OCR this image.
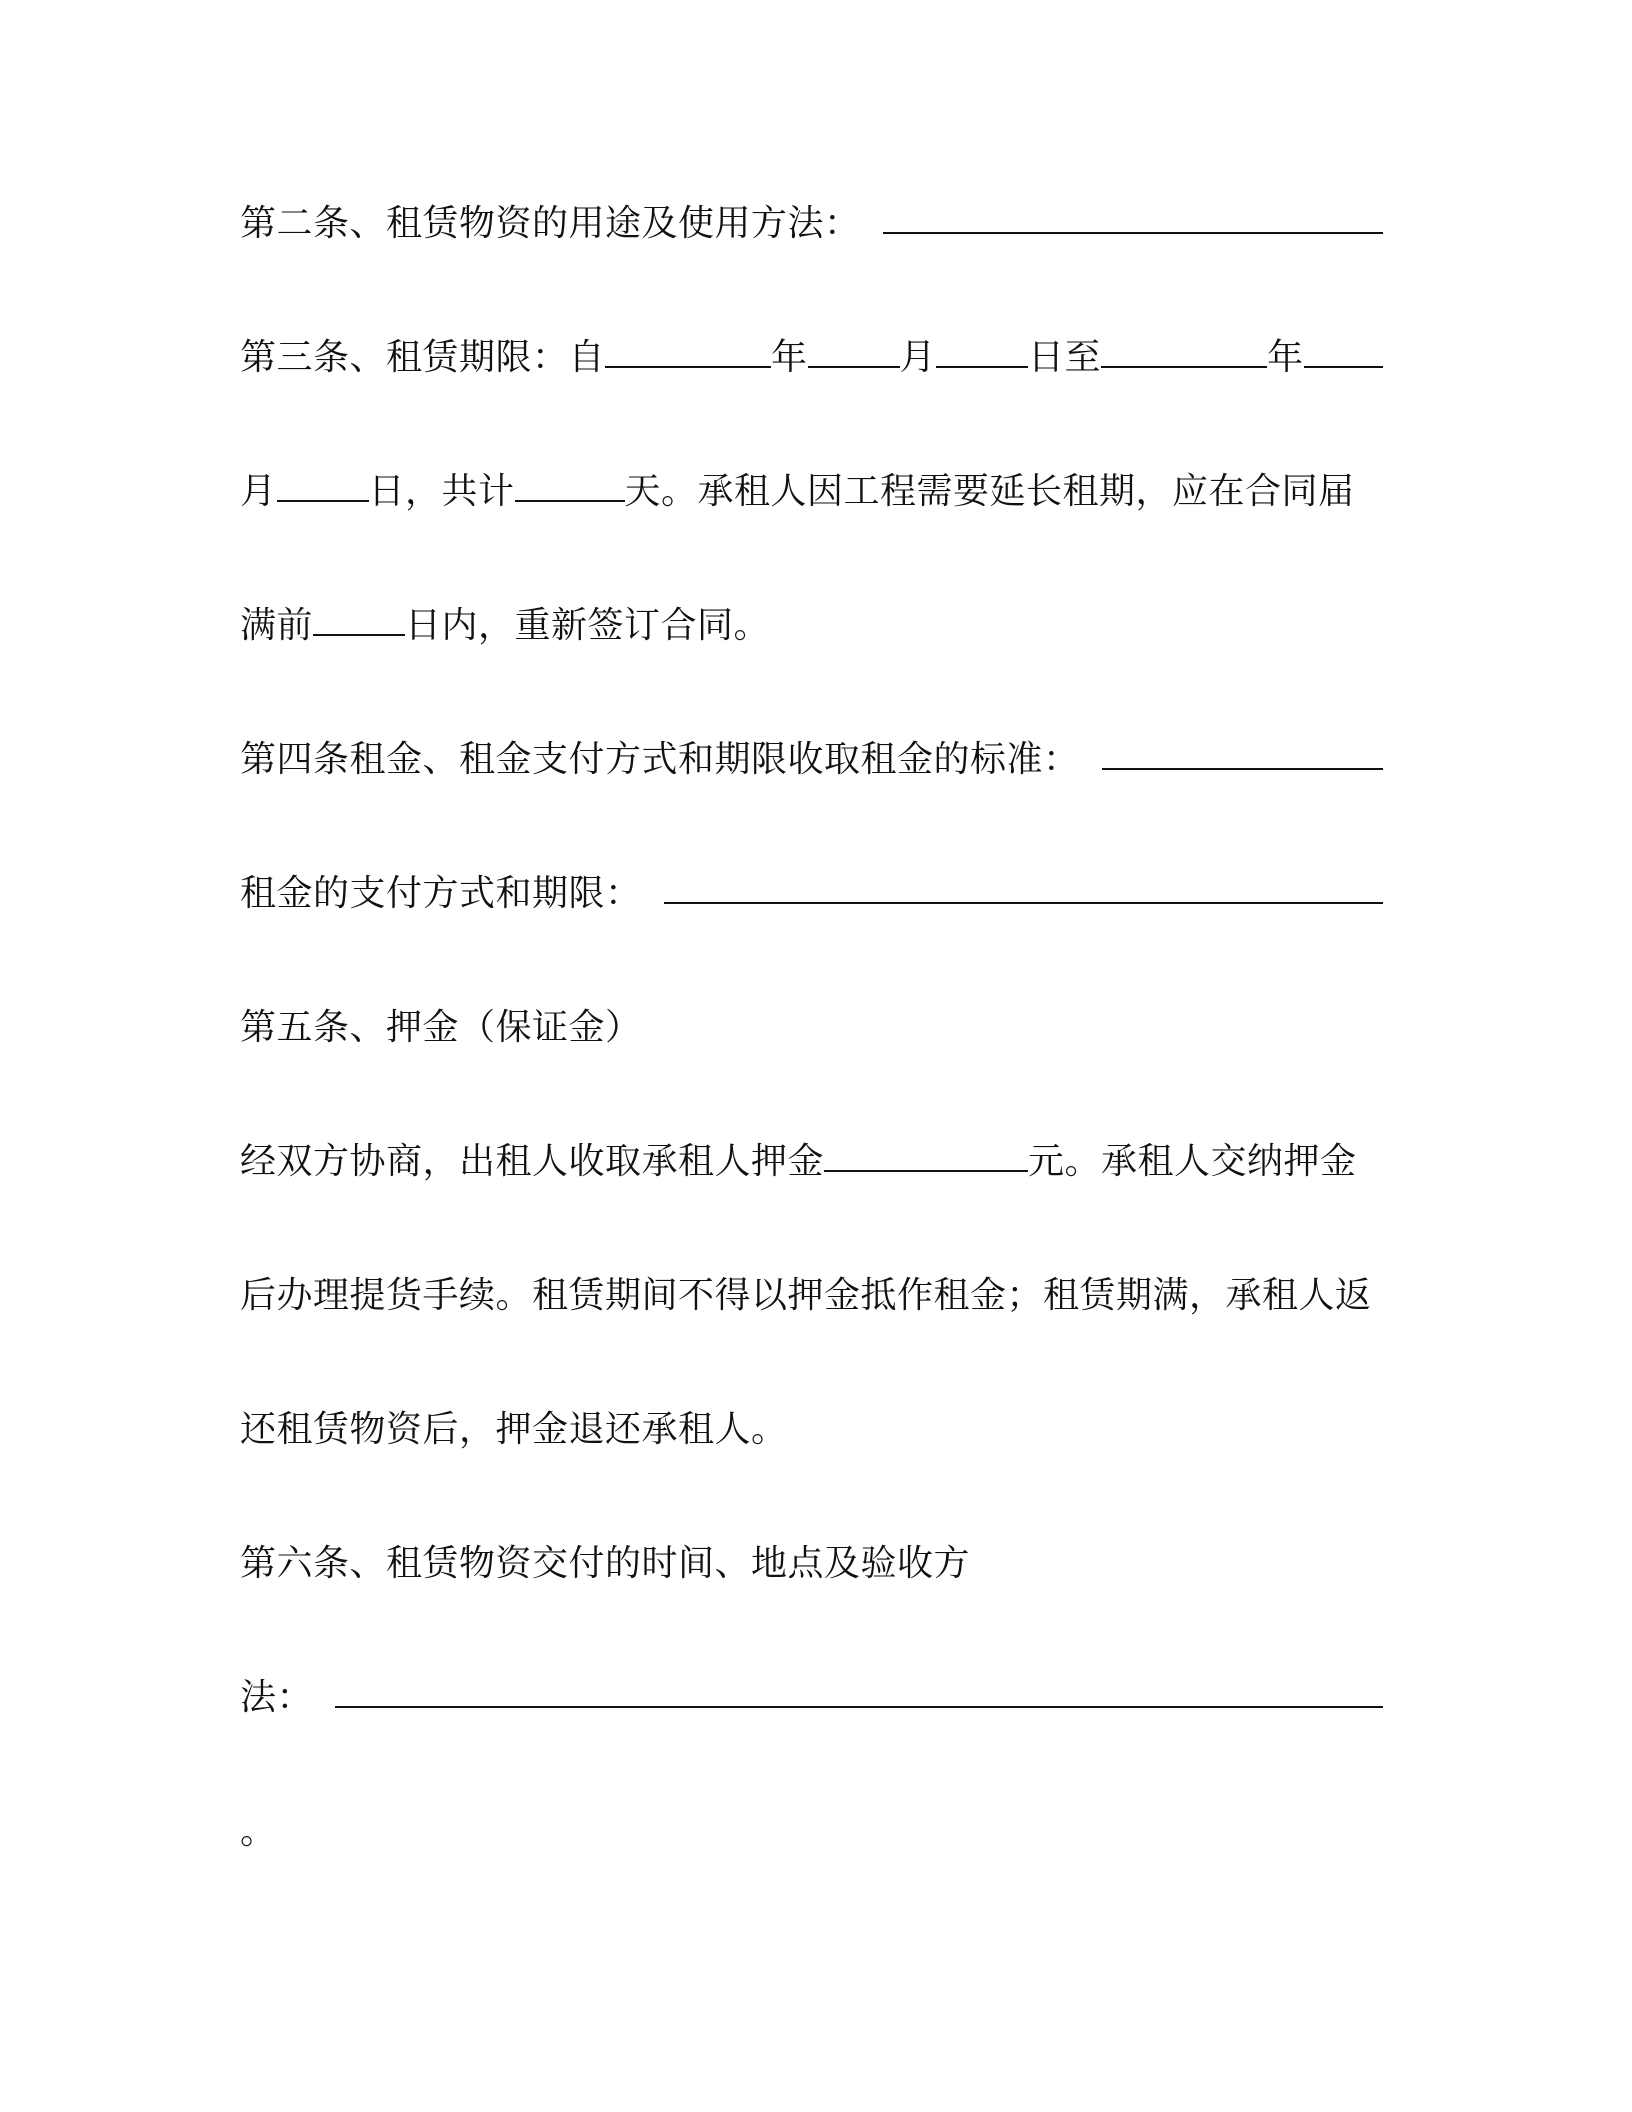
第二条、租赁物资的用途及使用方法：
第三条、租赁期限：自	年	月	日至	年
月	日，共计	天。承租人因工程需要延长租期，应在合同届
满前	日内，重新签订合同。
第四条租金、租金支付方式和期限收取租金的标准：
租金的支付方式和期限：
第五条、押金（保证金）
经双方协商，出租人收取承租人押金	元。承租人交纳押金
后办理提货手续。租赁期间不得以押金抵作租金；租赁期满，承租人返
还租赁物资后，押金退还承租人。
第六条、租赁物资交付的时间、地点及验收方
法：
。
